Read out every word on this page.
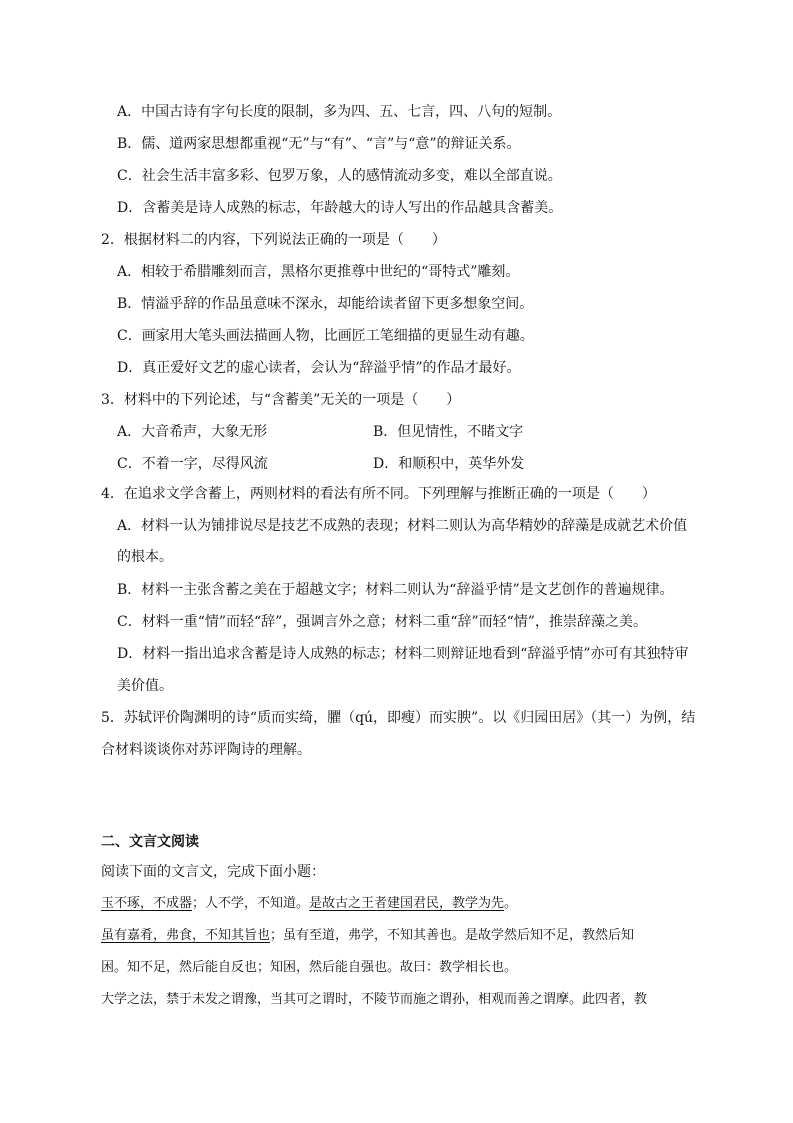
A．中国古诗有字句长度的限制，多为四、五、七言，四、八句的短制。
B．儒、道两家思想都重视“无”与“有”、“言”与“意”的辩证关系。
C．社会生活丰富多彩、包罗万象，人的感情流动多变，难以全部直说。
D．含蓄美是诗人成熟的标志，年龄越大的诗人写出的作品越具含蓄美。
2．根据材料二的内容，下列说法正确的一项是（　　）
A．相较于希腊雕刻而言，黑格尔更推尊中世纪的“哥特式”雕刻。
B．情溢乎辞的作品虽意味不深永，却能给读者留下更多想象空间。
C．画家用大笔头画法描画人物，比画匠工笔细描的更显生动有趣。
D．真正爱好文艺的虚心读者，会认为“辞溢乎情”的作品才最好。
3．材料中的下列论述，与“含蓄美”无关的一项是（　　）
A．大音希声，大象无形	B．但见情性，不睹文字
C．不着一字，尽得风流	D．和顺积中，英华外发
4．在追求文学含蓄上，两则材料的看法有所不同。下列理解与推断正确的一项是（　　）
A．材料一认为铺排说尽是技艺不成熟的表现；材料二则认为高华精妙的辞藻是成就艺术价值
的根本。
B．材料一主张含蓄之美在于超越文字；材料二则认为“辞溢乎情”是文艺创作的普遍规律。
C．材料一重“情”而轻“辞”，强调言外之意；材料二重“辞”而轻“情”，推崇辞藻之美。
D．材料一指出追求含蓄是诗人成熟的标志；材料二则辩证地看到“辞溢乎情”亦可有其独特审
美价值。
5．苏轼评价陶渊明的诗“质而实绮，臞（qú，即瘦）而实腴”。以《归园田居》（其一）为例，结
合材料谈谈你对苏评陶诗的理解。
二、文言文阅读
阅读下面的文言文，完成下面小题：
玉不琢，不成器；人不学，不知道。是故古之王者建国君民，教学为先。
虽有嘉肴，弗食，不知其旨也；虽有至道，弗学，不知其善也。是故学然后知不足，教然后知
困。知不足，然后能自反也；知困，然后能自强也。故曰：教学相长也。
大学之法，禁于未发之谓豫，当其可之谓时，不陵节而施之谓孙，相观而善之谓摩。此四者，教
